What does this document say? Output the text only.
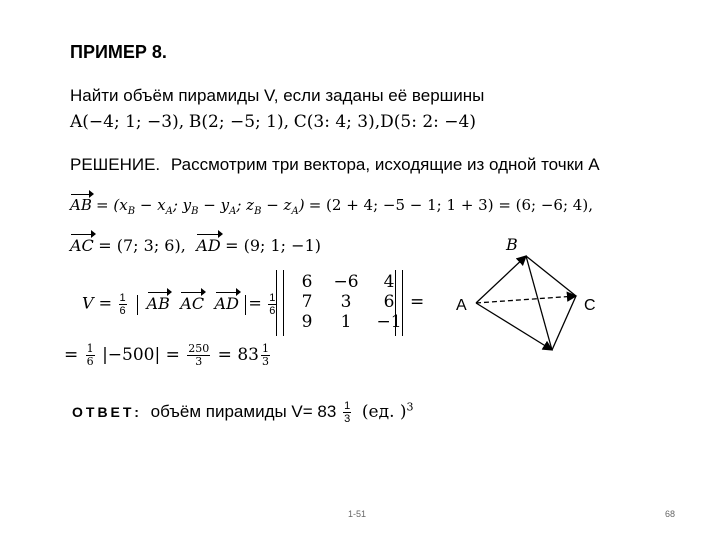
ПРИМЕР 8.
Найти объём пирамиды V, если заданы её вершины
A(−4; 1; −3), B(2; −5; 1), C(3: 4; 3),D(5: 2: −4)
РЕШЕНИЕ. Рассмотрим три вектора, исходящие из одной точки А
AB = ($x_B - x_A$; $y_B - y_A$; $z_B - z_A) = (2 + 4$; −5 − 1; 1 + 3) = (6; −6; 4),
AC = (7; 3; 6), AD = (9; 1; −1)
$V = \frac{1}{6}$ AB AC AD = $\frac{1}{6}$
6	−6	4
7	3	6
9	1	−1
=
= $\frac{1}{6} |-500| = \frac{250}{3} = 83 \frac{1}{3}$
ОТВЕТ: объём пирамиды $V= 83 \frac{1}{3} (ед$. )$^3$
B
A	C
1-51	68
